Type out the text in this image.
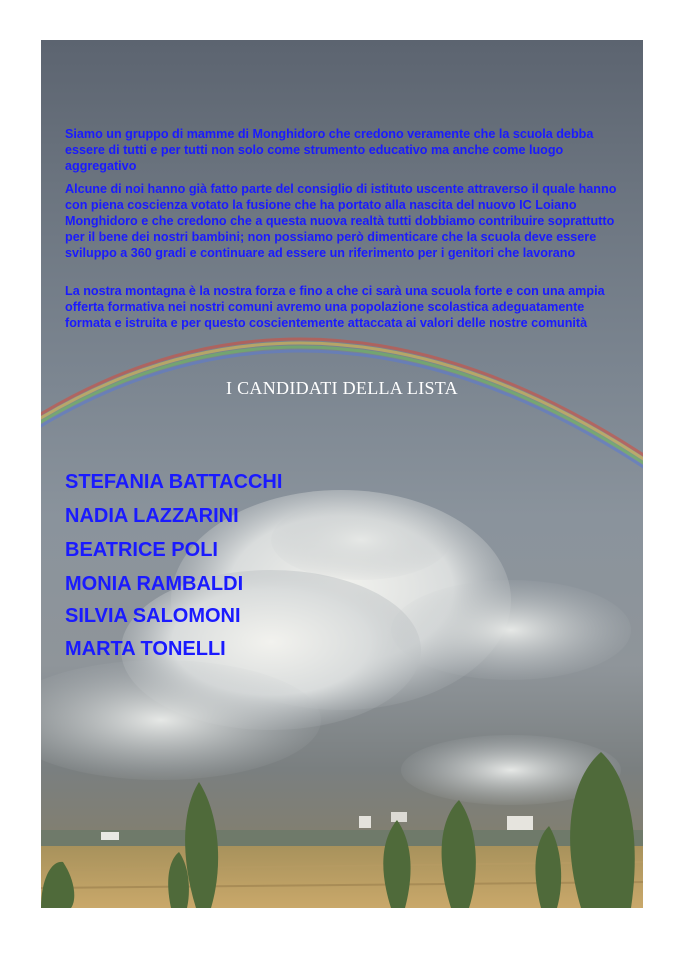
Siamo un gruppo di mamme di Monghidoro che credono veramente che la scuola debba essere di tutti e per tutti non solo come strumento educativo ma anche come luogo aggregativo

Alcune di noi hanno già fatto parte del consiglio di istituto uscente attraverso il quale hanno con piena coscienza votato la fusione che ha portato alla nascita del nuovo IC Loiano Monghidoro e che credono che a questa nuova realtà tutti dobbiamo contribuire soprattutto per il bene dei nostri bambini; non possiamo però dimenticare che la scuola deve essere sviluppo a 360 gradi e continuare ad essere un riferimento per i genitori che lavorano

La nostra montagna è la nostra forza e fino a che ci sarà una scuola forte e con una ampia offerta formativa nei nostri comuni avremo una popolazione scolastica adeguatamente formata e istruita e per questo coscientemente attaccata ai valori delle nostre comunità

I CANDIDATI DELLA LISTA
STEFANIA BATTACCHI
NADIA LAZZARINI
BEATRICE POLI
MONIA RAMBALDI
SILVIA SALOMONI
MARTA TONELLI
